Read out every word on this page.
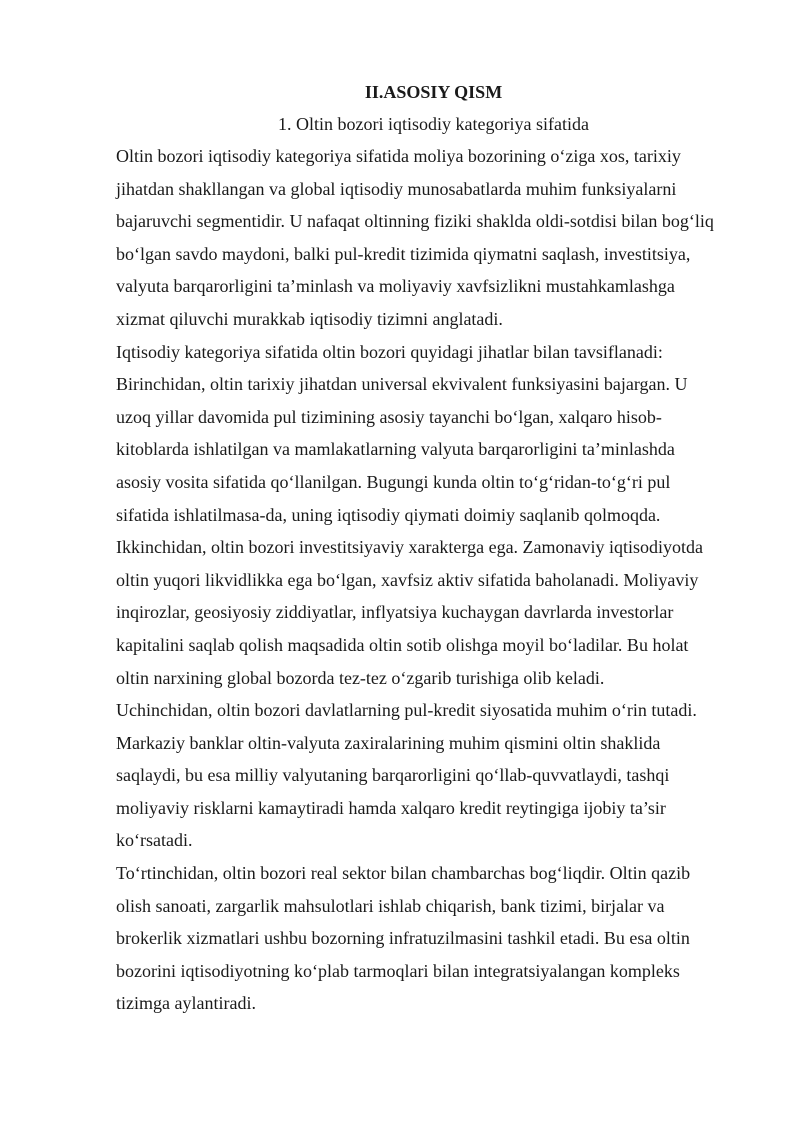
II.ASOSIY QISM
1. Oltin bozori iqtisodiy kategoriya sifatida

Oltin bozori iqtisodiy kategoriya sifatida moliya bozorining o‘ziga xos, tarixiy
jihatdan shakllangan va global iqtisodiy munosabatlarda muhim funksiyalarni
bajaruvchi segmentidir. U nafaqat oltinning fiziki shaklda oldi-sotdisi bilan bog‘liq
bo‘lgan savdo maydoni, balki pul-kredit tizimida qiymatni saqlash, investitsiya,
valyuta barqarorligini ta’minlash va moliyaviy xavfsizlikni mustahkamlashga
xizmat qiluvchi murakkab iqtisodiy tizimni anglatadi.

Iqtisodiy kategoriya sifatida oltin bozori quyidagi jihatlar bilan tavsiflanadi:

Birinchidan, oltin tarixiy jihatdan universal ekvivalent funksiyasini bajargan. U
uzoq yillar davomida pul tizimining asosiy tayanchi bo‘lgan, xalqaro hisob-
kitoblarda ishlatilgan va mamlakatlarning valyuta barqarorligini ta’minlashda
asosiy vosita sifatida qo‘llanilgan. Bugungi kunda oltin to‘g‘ridan-to‘g‘ri pul
sifatida ishlatilmasa-da, uning iqtisodiy qiymati doimiy saqlanib qolmoqda.

Ikkinchidan, oltin bozori investitsiyaviy xarakterga ega. Zamonaviy iqtisodiyotda
oltin yuqori likvidlikka ega bo‘lgan, xavfsiz aktiv sifatida baholanadi. Moliyaviy
inqirozlar, geosiyosiy ziddiyatlar, inflyatsiya kuchaygan davrlarda investorlar
kapitalini saqlab qolish maqsadida oltin sotib olishga moyil bo‘ladilar. Bu holat
oltin narxining global bozorda tez-tez o‘zgarib turishiga olib keladi.

Uchinchidan, oltin bozori davlatlarning pul-kredit siyosatida muhim o‘rin tutadi.
Markaziy banklar oltin-valyuta zaxiralarining muhim qismini oltin shaklida
saqlaydi, bu esa milliy valyutaning barqarorligini qo‘llab-quvvatlaydi, tashqi
moliyaviy risklarni kamaytiradi hamda xalqaro kredit reytingiga ijobiy ta’sir
ko‘rsatadi.

To‘rtinchidan, oltin bozori real sektor bilan chambarchas bog‘liqdir. Oltin qazib
olish sanoati, zargarlik mahsulotlari ishlab chiqarish, bank tizimi, birjalar va
brokerlik xizmatlari ushbu bozorning infratuzilmasini tashkil etadi. Bu esa oltin
bozorini iqtisodiyotning ko‘plab tarmoqlari bilan integratsiyalangan kompleks
tizimga aylantiradi.
